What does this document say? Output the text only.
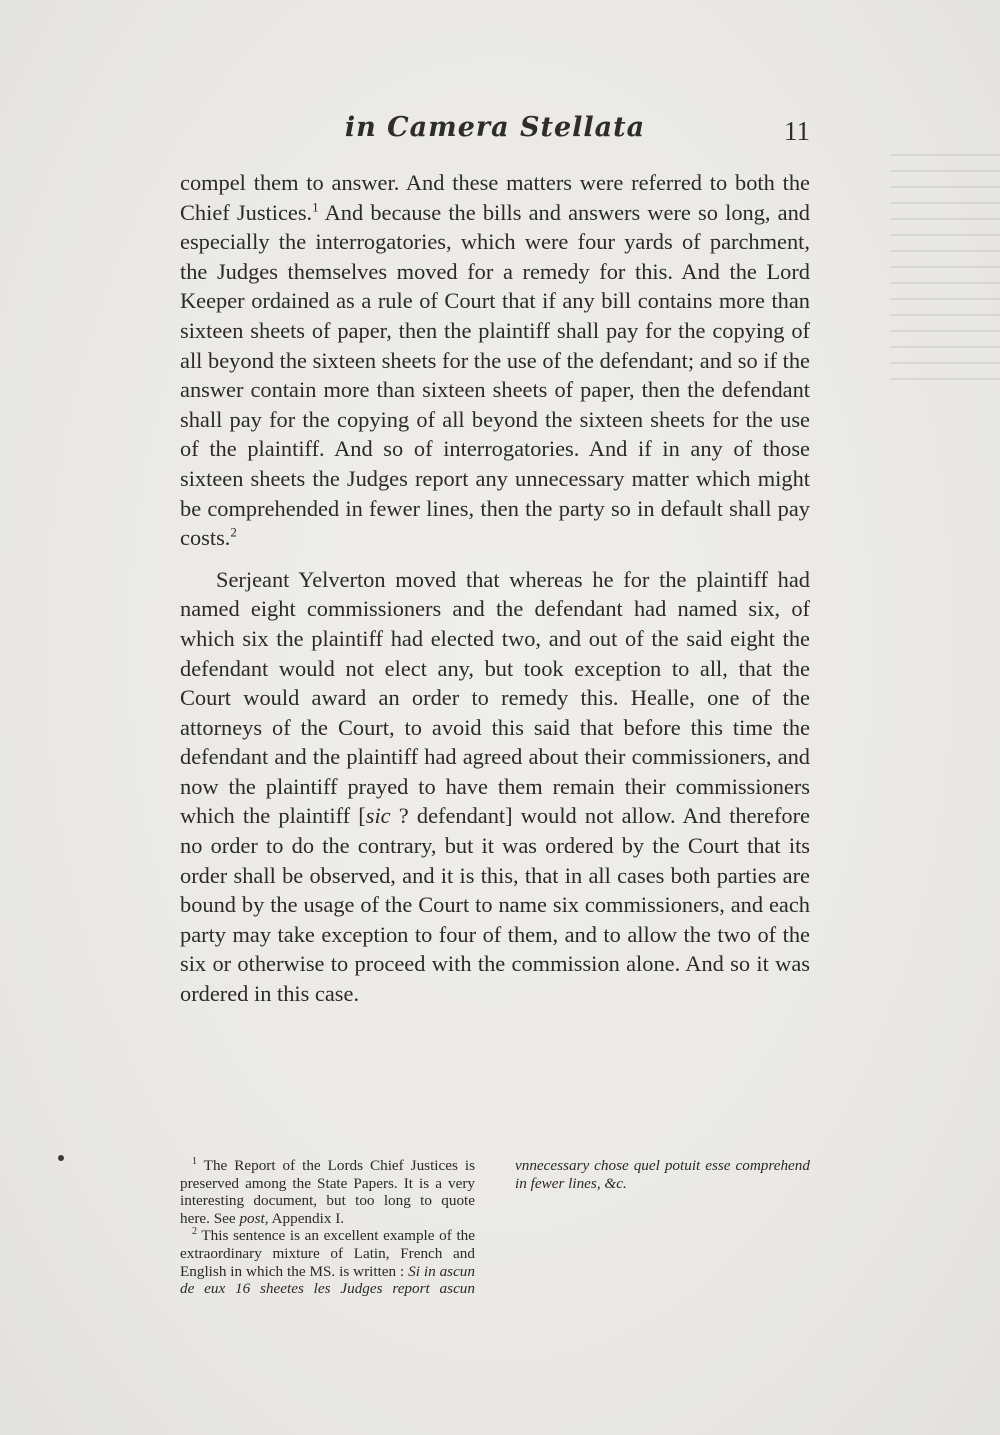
in Camera Stellata	11

compel them to answer. And these matters were referred to both the Chief Justices.$^1$ And because the bills and answers were so long, and especially the interrogatories, which were four yards of parchment, the Judges themselves moved for a remedy for this. And the Lord Keeper ordained as a rule of Court that if any bill contains more than sixteen sheets of paper, then the plaintiff shall pay for the copying of all beyond the sixteen sheets for the use of the defendant; and so if the answer contain more than sixteen sheets of paper, then the defendant shall pay for the copying of all beyond the sixteen sheets for the use of the plaintiff. And so of interrogatories. And if in any of those sixteen sheets the Judges report any unnecessary matter which might be comprehended in fewer lines, then the party so in default shall pay costs.$^2$

Serjeant Yelverton moved that whereas he for the plaintiff had named eight commissioners and the defendant had named six, of which six the plaintiff had elected two, and out of the said eight the defendant would not elect any, but took exception to all, that the Court would award an order to remedy this. Healle, one of the attorneys of the Court, to avoid this said that before this time the defendant and the plaintiff had agreed about their commissioners, and now the plaintiff prayed to have them remain their commissioners which the plaintiff [sic ? defendant] would not allow. And therefore no order to do the contrary, but it was ordered by the Court that its order shall be observed, and it is this, that in all cases both parties are bound by the usage of the Court to name six commissioners, and each party may take exception to four of them, and to allow the two of the six or otherwise to proceed with the commission alone. And so it was ordered in this case.

$^1$ The Report of the Lords Chief Justices is preserved among the State Papers. It is a very interesting document, but too long to quote here. See post, Appendix I.

$^2$ This sentence is an excellent example of the extraordinary mixture of Latin, French and English in which the MS. is written : Si in ascun de eux 16 sheetes les Judges report ascun vnnecessary chose quel potuit esse comprehend in fewer lines, &c.
